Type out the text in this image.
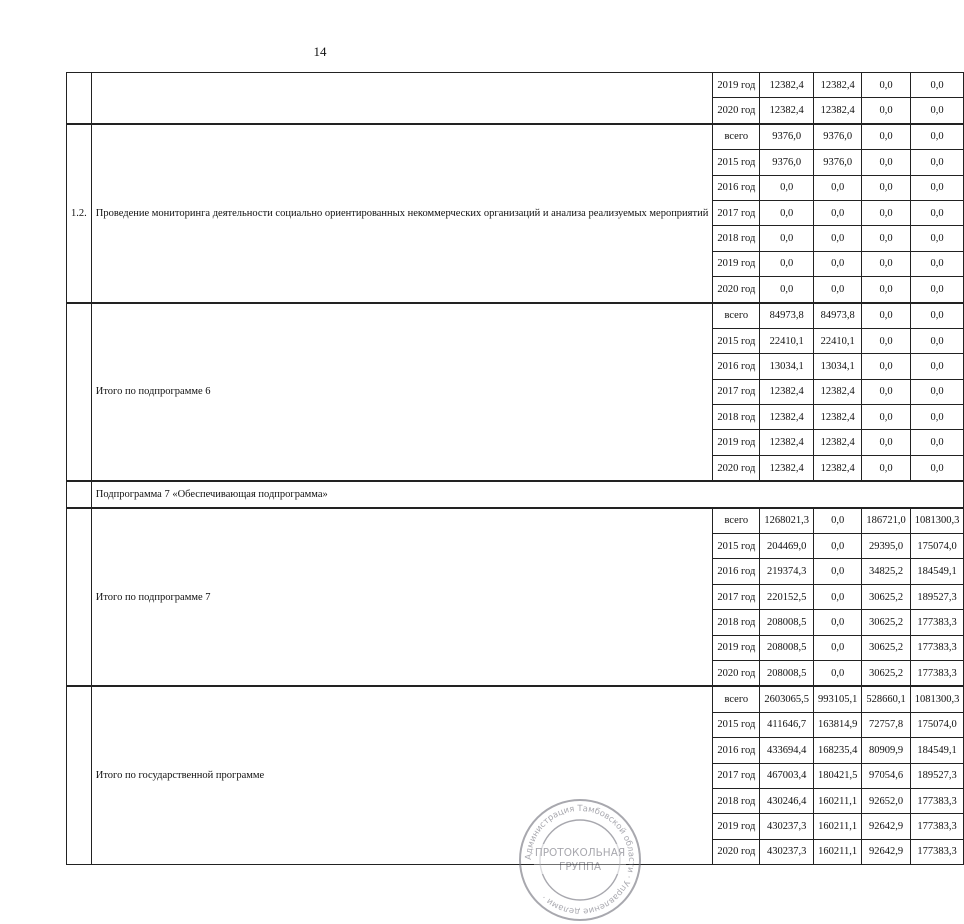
14
		2019 год	12382,4	12382,4	0,0	0,0
		2020 год	12382,4	12382,4	0,0	0,0
1.2.	Проведение мониторинга деятельности социально ориентированных некоммерческих организаций и анализа реализуемых мероприятий	всего	9376,0	9376,0	0,0	0,0
		2015 год	9376,0	9376,0	0,0	0,0
		2016 год	0,0	0,0	0,0	0,0
		2017 год	0,0	0,0	0,0	0,0
		2018 год	0,0	0,0	0,0	0,0
		2019 год	0,0	0,0	0,0	0,0
		2020 год	0,0	0,0	0,0	0,0
	Итого по подпрограмме 6	всего	84973,8	84973,8	0,0	0,0
		2015 год	22410,1	22410,1	0,0	0,0
		2016 год	13034,1	13034,1	0,0	0,0
		2017 год	12382,4	12382,4	0,0	0,0
		2018 год	12382,4	12382,4	0,0	0,0
		2019 год	12382,4	12382,4	0,0	0,0
		2020 год	12382,4	12382,4	0,0	0,0
	Подпрограмма 7 «Обеспечивающая подпрограмма»					
	Итого по подпрограмме 7	всего	1268021,3	0,0	186721,0	1081300,3
		2015 год	204469,0	0,0	29395,0	175074,0
		2016 год	219374,3	0,0	34825,2	184549,1
		2017 год	220152,5	0,0	30625,2	189527,3
		2018 год	208008,5	0,0	30625,2	177383,3
		2019 год	208008,5	0,0	30625,2	177383,3
		2020 год	208008,5	0,0	30625,2	177383,3
	Итого по государственной программе	всего	2603065,5	993105,1	528660,1	1081300,3
		2015 год	411646,7	163814,9	72757,8	175074,0
		2016 год	433694,4	168235,4	80909,9	184549,1
		2017 год	467003,4	180421,5	97054,6	189527,3
		2018 год	430246,4	160211,1	92652,0	177383,3
		2019 год	430237,3	160211,1	92642,9	177383,3
		2020 год	430237,3	160211,1	92642,9	177383,3
Администрация Тамбовской области · Управление делами ·
ПРОТОКОЛЬНАЯ
ГРУППА
